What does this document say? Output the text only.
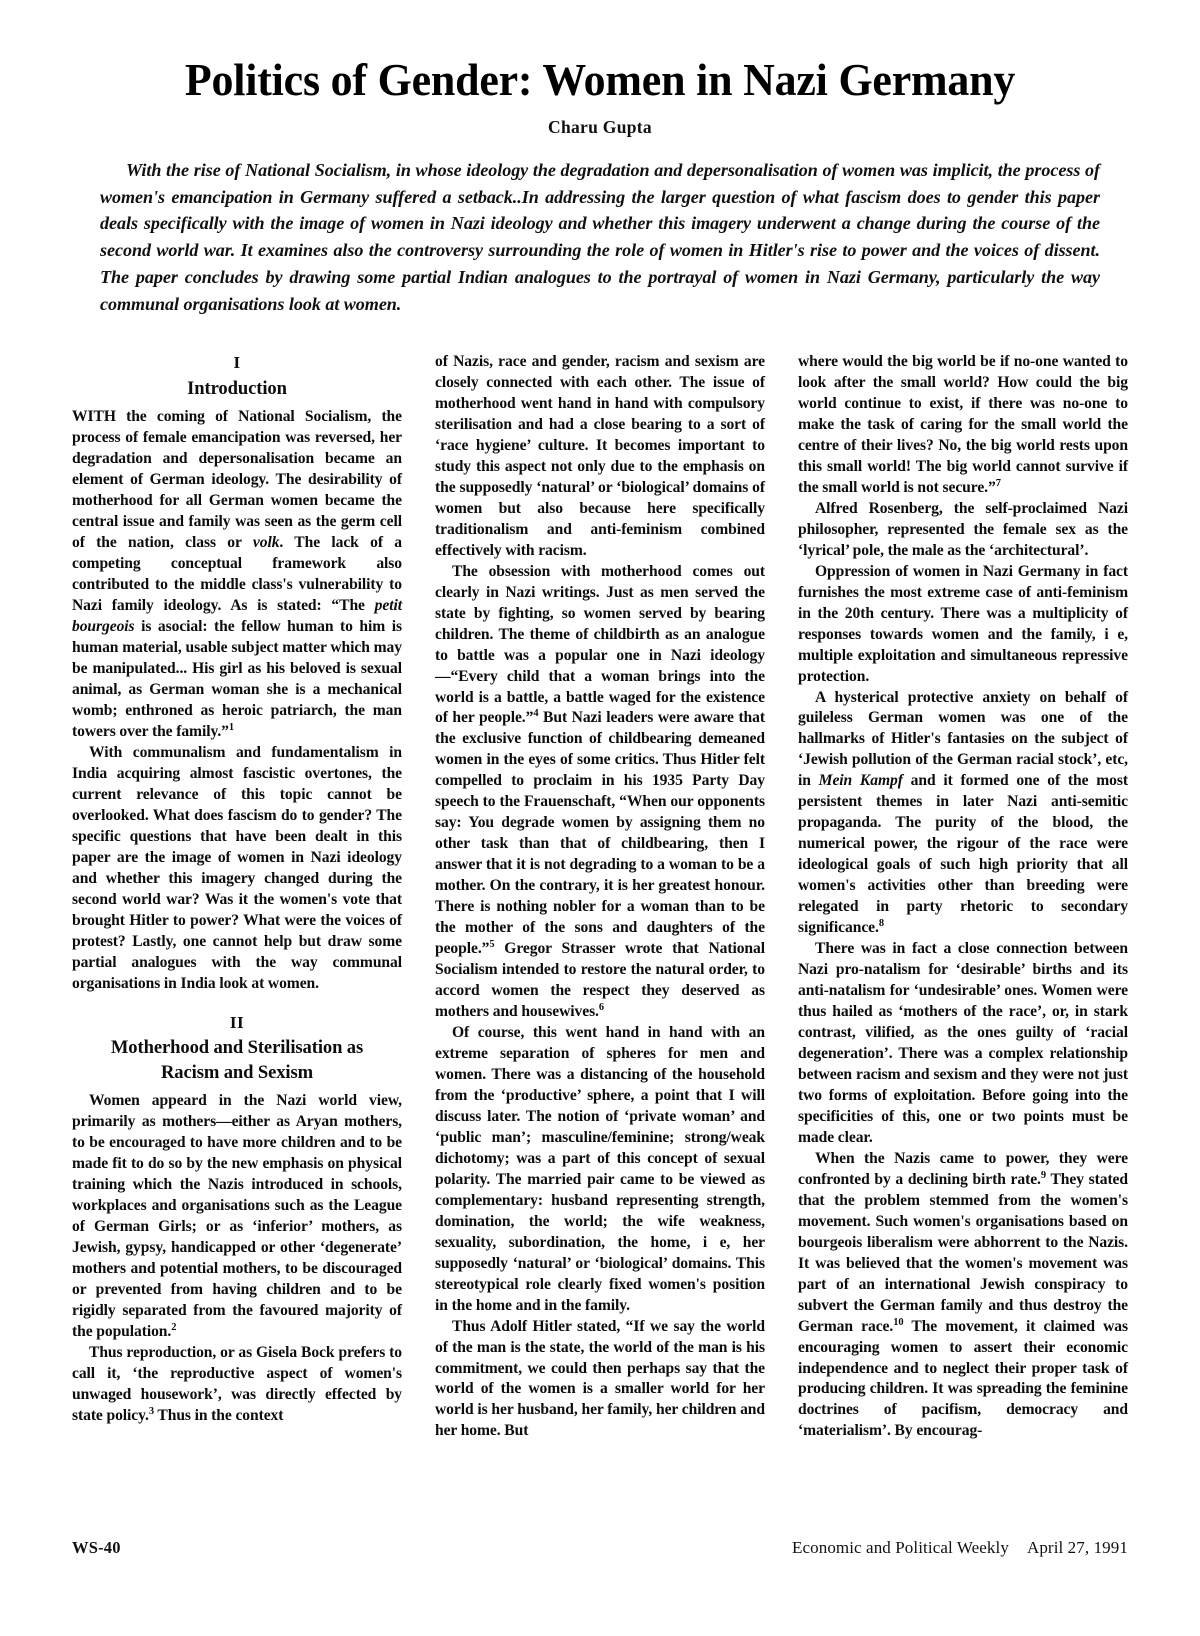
Politics of Gender: Women in Nazi Germany
Charu Gupta
With the rise of National Socialism, in whose ideology the degradation and depersonalisation of women was implicit, the process of women's emancipation in Germany suffered a setback..In addressing the larger question of what fascism does to gender this paper deals specifically with the image of women in Nazi ideology and whether this imagery underwent a change during the course of the second world war. It examines also the controversy surrounding the role of women in Hitler's rise to power and the voices of dissent. The paper concludes by drawing some partial Indian analogues to the portrayal of women in Nazi Germany, particularly the way communal organisations look at women.
I
Introduction

WITH the coming of National Socialism, the process of female emancipation was reversed, her degradation and depersonalisation became an element of German ideology. The desirability of motherhood for all German women became the central issue and family was seen as the germ cell of the nation, class or volk. The lack of a competing conceptual framework also contributed to the middle class's vulnerability to Nazi family ideology. As is stated: “The petit bourgeois is asocial: the fellow human to him is human material, usable subject matter which may be manipulated... His girl as his beloved is sexual animal, as German woman she is a mechanical womb; enthroned as heroic patriarch, the man towers over the family.”$^1$

With communalism and fundamentalism in India acquiring almost fascistic overtones, the current relevance of this topic cannot be overlooked. What does fascism do to gender? The specific questions that have been dealt in this paper are the image of women in Nazi ideology and whether this imagery changed during the second world war? Was it the women's vote that brought Hitler to power? What were the voices of protest? Lastly, one cannot help but draw some partial analogues with the way communal organisations in India look at women.

II
Motherhood and Sterilisation as
Racism and Sexism

Women appeard in the Nazi world view, primarily as mothers—either as Aryan mothers, to be encouraged to have more children and to be made fit to do so by the new emphasis on physical training which the Nazis introduced in schools, workplaces and organisations such as the League of German Girls; or as ‘inferior’ mothers, as Jewish, gypsy, handicapped or other ‘degenerate’ mothers and potential mothers, to be discouraged or prevented from having children and to be rigidly separated from the favoured majority of the population.$^2$

Thus reproduction, or as Gisela Bock prefers to call it, ‘the reproductive aspect of women's unwaged housework’, was directly effected by state policy.$^3$ Thus in the context

of Nazis, race and gender, racism and sexism are closely connected with each other. The issue of motherhood went hand in hand with compulsory sterilisation and had a close bearing to a sort of ‘race hygiene’ culture. It becomes important to study this aspect not only due to the emphasis on the supposedly ‘natural’ or ‘biological’ domains of women but also because here specifically traditionalism and anti-feminism combined effectively with racism.

The obsession with motherhood comes out clearly in Nazi writings. Just as men served the state by fighting, so women served by bearing children. The theme of childbirth as an analogue to battle was a popular one in Nazi ideology—“Every child that a woman brings into the world is a battle, a battle waged for the existence of her people.”$^4$ But Nazi leaders were aware that the exclusive function of childbearing demeaned women in the eyes of some critics. Thus Hitler felt compelled to proclaim in his 1935 Party Day speech to the Frauenschaft, “When our opponents say: You degrade women by assigning them no other task than that of childbearing, then I answer that it is not degrading to a woman to be a mother. On the contrary, it is her greatest honour. There is nothing nobler for a woman than to be the mother of the sons and daughters of the people.”$^5$ Gregor Strasser wrote that National Socialism intended to restore the natural order, to accord women the respect they deserved as mothers and housewives.$^6$

Of course, this went hand in hand with an extreme separation of spheres for men and women. There was a distancing of the household from the ‘productive’ sphere, a point that I will discuss later. The notion of ‘private woman’ and ‘public man’; masculine/feminine; strong/weak dichotomy; was a part of this concept of sexual polarity. The married pair came to be viewed as complementary: husband representing strength, domination, the world; the wife weakness, sexuality, subordination, the home, i e, her supposedly ‘natural’ or ‘biological’ domains. This stereotypical role clearly fixed women's position in the home and in the family.

Thus Adolf Hitler stated, “If we say the world of the man is the state, the world of the man is his commitment, we could then perhaps say that the world of the women is a smaller world for her world is her husband, her family, her children and her home. But

where would the big world be if no-one wanted to look after the small world? How could the big world continue to exist, if there was no-one to make the task of caring for the small world the centre of their lives? No, the big world rests upon this small world! The big world cannot survive if the small world is not secure.”$^7$

Alfred Rosenberg, the self-proclaimed Nazi philosopher, represented the female sex as the ‘lyrical’ pole, the male as the ‘architectural’.

Oppression of women in Nazi Germany in fact furnishes the most extreme case of anti-feminism in the 20th century. There was a multiplicity of responses towards women and the family, i e, multiple exploitation and simultaneous repressive protection.

A hysterical protective anxiety on behalf of guileless German women was one of the hallmarks of Hitler's fantasies on the subject of ‘Jewish pollution of the German racial stock’, etc, in Mein Kampf and it formed one of the most persistent themes in later Nazi anti-semitic propaganda. The purity of the blood, the numerical power, the rigour of the race were ideological goals of such high priority that all women's activities other than breeding were relegated in party rhetoric to secondary significance.$^8$

There was in fact a close connection between Nazi pro-natalism for ‘desirable’ births and its anti-natalism for ‘undesirable’ ones. Women were thus hailed as ‘mothers of the race’, or, in stark contrast, vilified, as the ones guilty of ‘racial degeneration’. There was a complex relationship between racism and sexism and they were not just two forms of exploitation. Before going into the specificities of this, one or two points must be made clear.

When the Nazis came to power, they were confronted by a declining birth rate.$^9$ They stated that the problem stemmed from the women's movement. Such women's organisations based on bourgeois liberalism were abhorrent to the Nazis. It was believed that the women's movement was part of an international Jewish conspiracy to subvert the German family and thus destroy the German race.$^{10}$ The movement, it claimed was encouraging women to assert their economic independence and to neglect their proper task of producing children. It was spreading the feminine doctrines of pacifism, democracy and ‘materialism’. By encourag-

WS-40	Economic and Political Weekly April 27, 1991
